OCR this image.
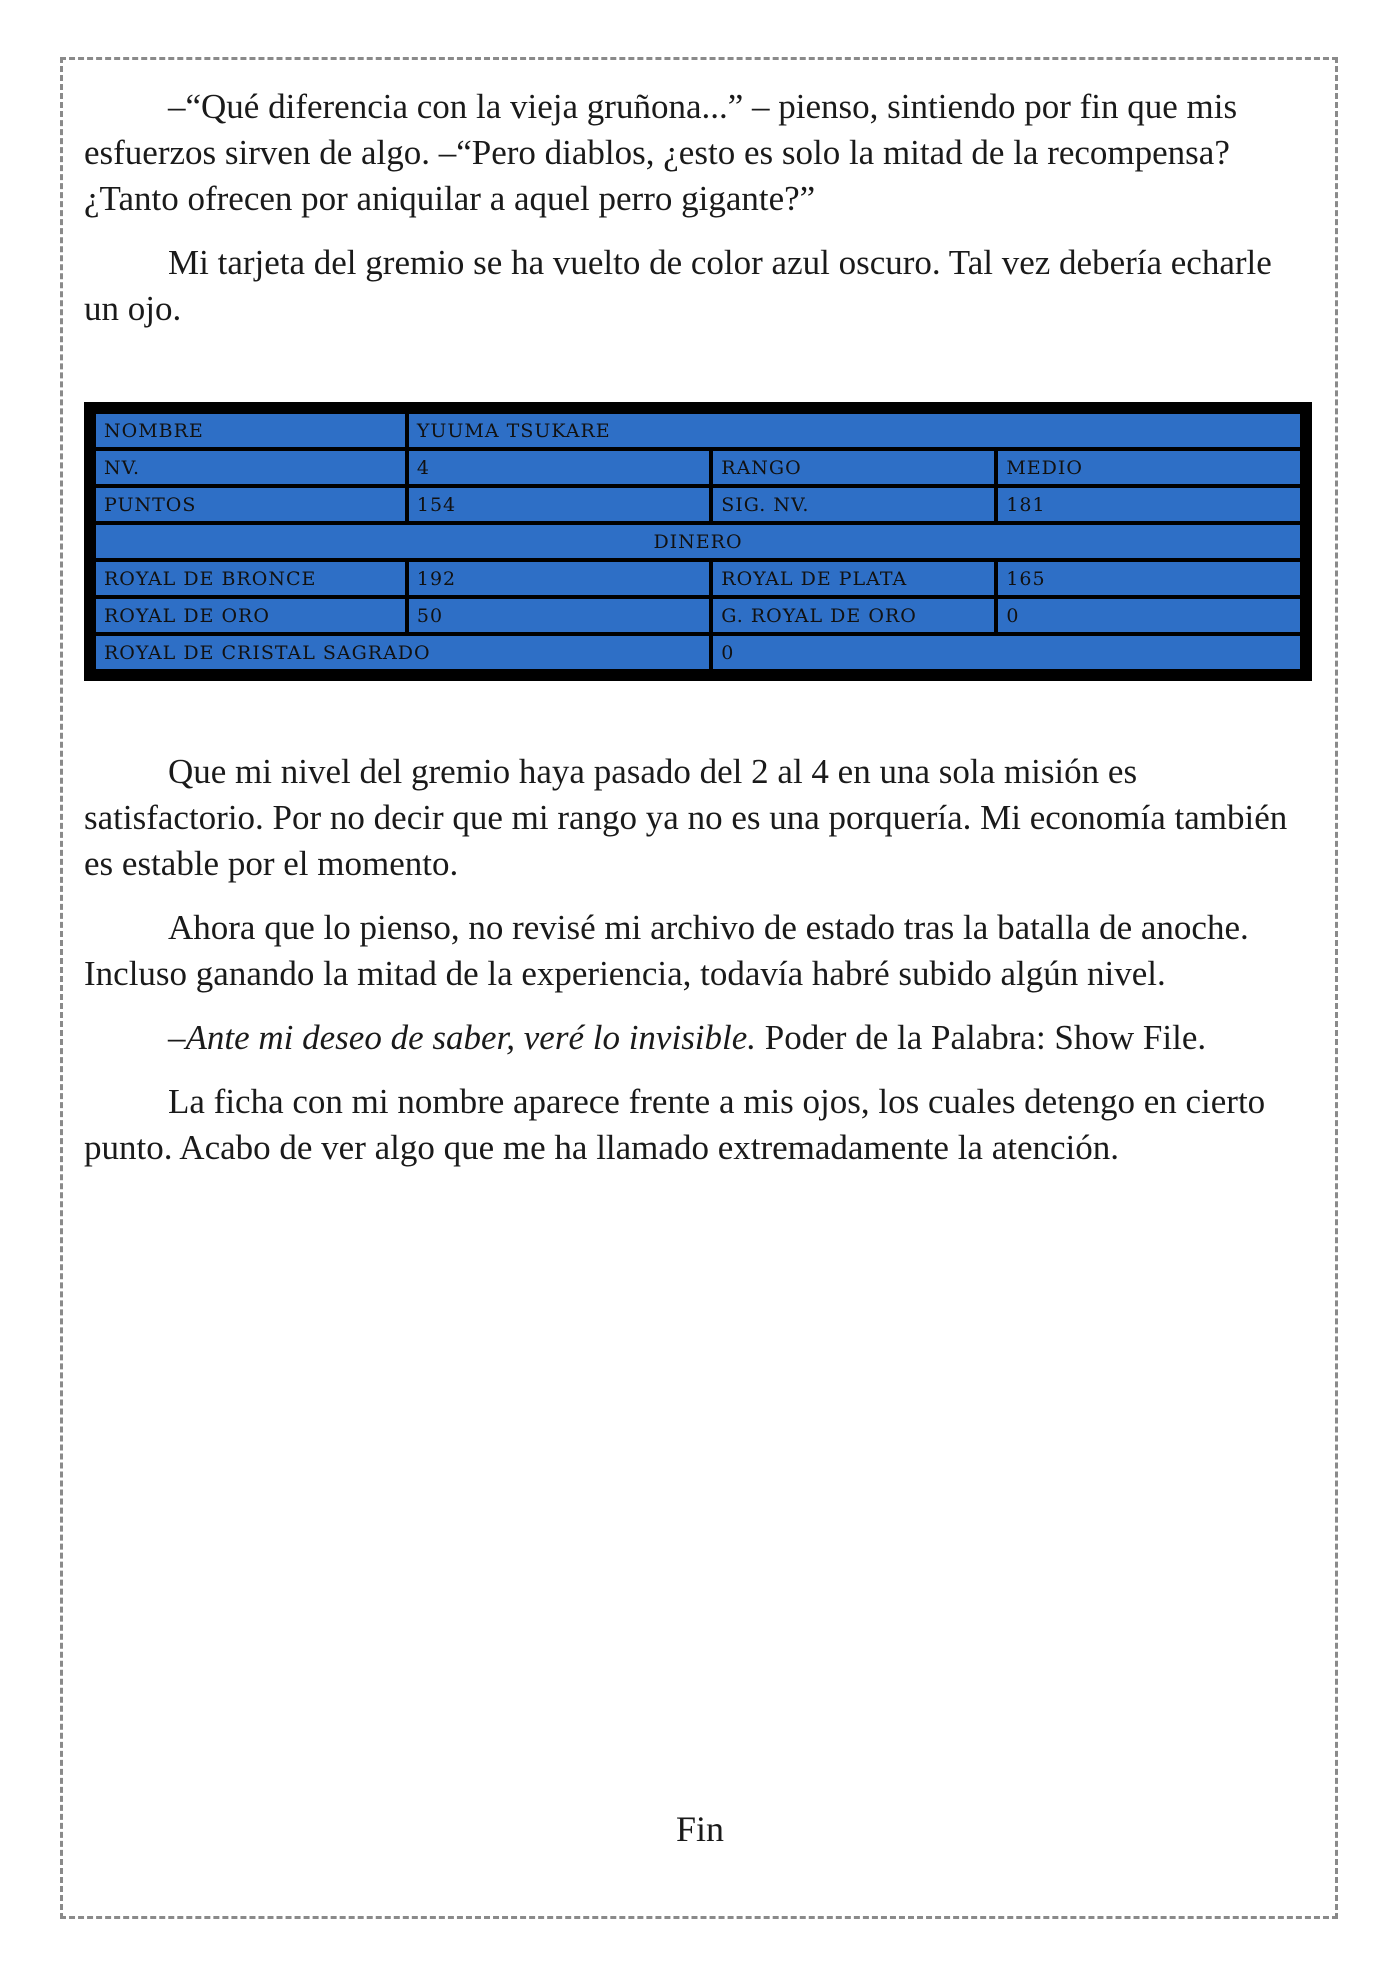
–“Qué diferencia con la vieja gruñona...” – pienso, sintiendo por fin que mis esfuerzos sirven de algo. –“Pero diablos, ¿esto es solo la mitad de la recompensa? ¿Tanto ofrecen por aniquilar a aquel perro gigante?”

Mi tarjeta del gremio se ha vuelto de color azul oscuro. Tal vez debería echarle un ojo.

NOMBRE	YUUMA TSUKARE		
NV.	4	RANGO	MEDIO
PUNTOS	154	SIG. NV.	181
DINERO			
ROYAL DE BRONCE	192	ROYAL DE PLATA	165
ROYAL DE ORO	50	G. ROYAL DE ORO	0
ROYAL DE CRISTAL SAGRADO		0	

Que mi nivel del gremio haya pasado del 2 al 4 en una sola misión es satisfactorio. Por no decir que mi rango ya no es una porquería. Mi economía también es estable por el momento.

Ahora que lo pienso, no revisé mi archivo de estado tras la batalla de anoche. Incluso ganando la mitad de la experiencia, todavía habré subido algún nivel.

–Ante mi deseo de saber, veré lo invisible. Poder de la Palabra: Show File.

La ficha con mi nombre aparece frente a mis ojos, los cuales detengo en cierto punto. Acabo de ver algo que me ha llamado extremadamente la atención.

Fin
